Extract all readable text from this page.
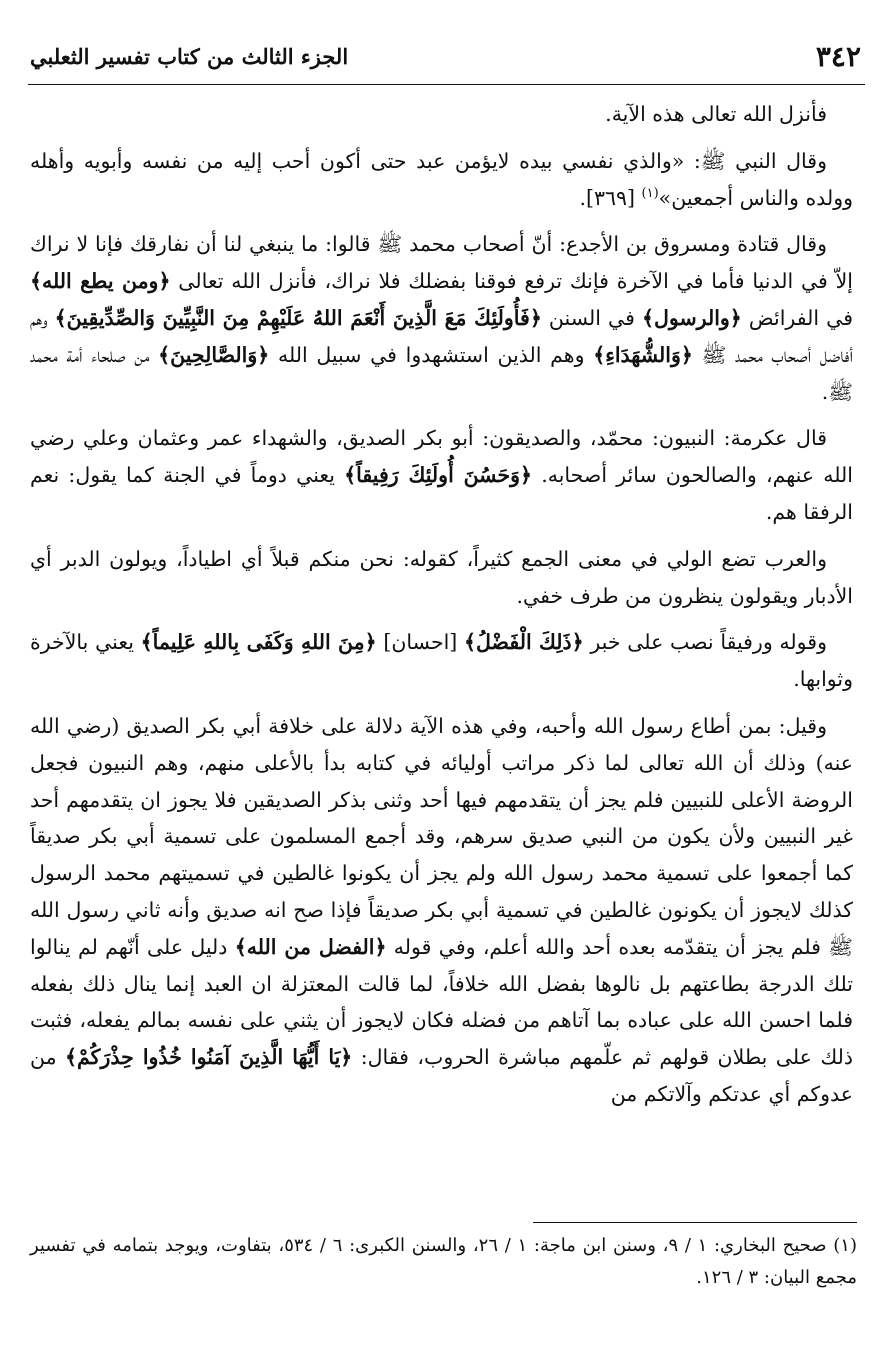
٣٤٢
الجزء الثالث من كتاب تفسير الثعلبي

فأنزل الله تعالى هذه الآية.

وقال النبي ﷺ: «والذي نفسي بيده لايؤمن عبد حتى أكون أحب إليه من نفسه وأبويه وأهله وولده والناس أجمعين»$^{(١)}$ [٣٦٩].

وقال قتادة ومسروق بن الأجدع: أنّ أصحاب محمد ﷺ قالوا: ما ينبغي لنا أن نفارقك فإنا لا نراك إلاّ في الدنيا فأما في الآخرة فإنك ترفع فوقنا بفضلك فلا نراك، فأنزل الله تعالى ﴿ومن يطع الله﴾ في الفرائض ﴿والرسول﴾ في السنن ﴿فَأُولَئِكَ مَعَ الَّذِينَ أَنْعَمَ اللهُ عَلَيْهِمْ مِنَ النَّبِيِّينَ وَالصِّدِّيقِينَ﴾ وهم أفاضل أصحاب محمد ﷺ ﴿وَالشُّهَدَاءِ﴾ وهم الذين استشهدوا في سبيل الله ﴿وَالصَّالِحِينَ﴾ من صلحاء أمة محمد ﷺ.

قال عكرمة: النبيون: محمّد، والصديقون: أبو بكر الصديق، والشهداء عمر وعثمان وعلي رضي الله عنهم، والصالحون سائر أصحابه. ﴿وَحَسُنَ أُولَئِكَ رَفِيقاً﴾ يعني دوماً في الجنة كما يقول: نعم الرفقا هم.

والعرب تضع الولي في معنى الجمع كثيراً، كقوله: نحن منكم قبلاً أي اطياداً، ويولون الدبر أي الأدبار ويقولون ينظرون من طرف خفي.

وقوله ورفيقاً نصب على خبر ﴿ذَلِكَ الْفَضْلُ﴾ [احسان] ﴿مِنَ اللهِ وَكَفَى بِاللهِ عَلِيماً﴾ يعني بالآخرة وثوابها.

وقيل: بمن أطاع رسول الله وأحبه، وفي هذه الآية دلالة على خلافة أبي بكر الصديق (رضي الله عنه) وذلك أن الله تعالى لما ذكر مراتب أوليائه في كتابه بدأ بالأعلى منهم، وهم النبيون فجعل الروضة الأعلى للنبيين فلم يجز أن يتقدمهم فيها أحد وثنى بذكر الصديقين فلا يجوز ان يتقدمهم أحد غير النبيين ولأن يكون من النبي صديق سرهم، وقد أجمع المسلمون على تسمية أبي بكر صديقاً كما أجمعوا على تسمية محمد رسول الله ولم يجز أن يكونوا غالطين في تسميتهم محمد الرسول كذلك لايجوز أن يكونون غالطين في تسمية أبي بكر صديقاً فإذا صح انه صديق وأنه ثاني رسول الله ﷺ فلم يجز أن يتقدّمه بعده أحد والله أعلم، وفي قوله ﴿الفضل من الله﴾ دليل على أنّهم لم ينالوا تلك الدرجة بطاعتهم بل نالوها بفضل الله خلافاً، لما قالت المعتزلة ان العبد إنما ينال ذلك بفعله فلما احسن الله على عباده بما آتاهم من فضله فكان لايجوز أن يثني على نفسه بمالم يفعله، فثبت ذلك على بطلان قولهم ثم علّمهم مباشرة الحروب، فقال: ﴿يَا أَيُّهَا الَّذِينَ آمَنُوا خُذُوا حِذْرَكُمْ﴾ من عدوكم أي عدتكم وآلاتكم من

(١) صحيح البخاري: ١ / ٩، وسنن ابن ماجة: ١ / ٢٦، والسنن الكبرى: ٦ / ٥٣٤، بتفاوت، ويوجد بتمامه في تفسير مجمع البيان: ٣ / ١٢٦.
